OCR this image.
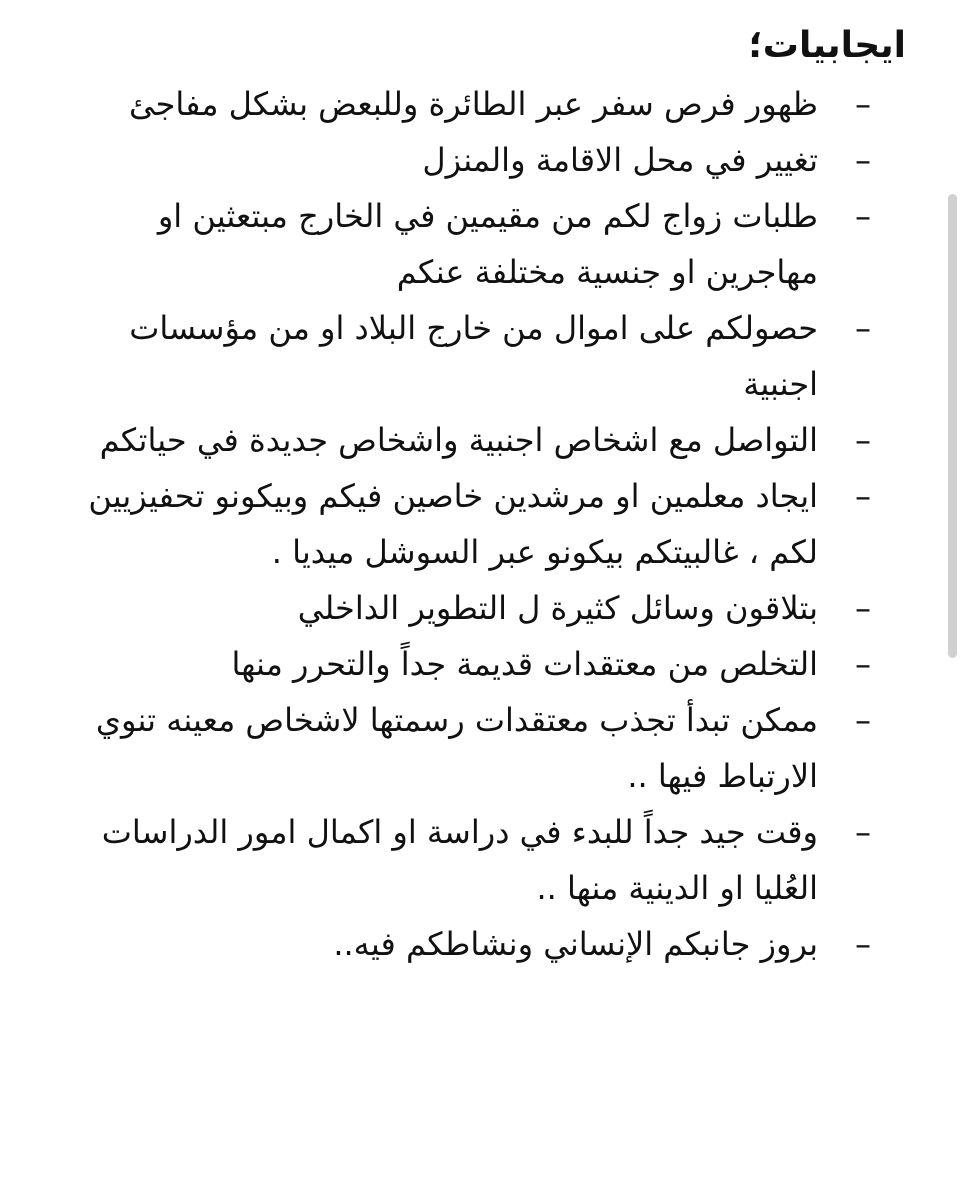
ايجابيات؛
–
ظهور فرص سفر عبر الطائرة وللبعض بشكل مفاجئ
–
تغيير في محل الاقامة والمنزل
–
طلبات زواج لكم من مقيمين في الخارج مبتعثين او مهاجرين او جنسية مختلفة عنكم
–
حصولكم على اموال من خارج البلاد او من مؤسسات اجنبية
–
التواصل مع اشخاص اجنبية واشخاص جديدة في حياتكم
–
ايجاد معلمين او مرشدين خاصين فيكم وبيكونو تحفيزيين لكم ، غالبيتكم بيكونو عبر السوشل ميديا .
–
بتلاقون وسائل كثيرة ل التطوير الداخلي
–
التخلص من معتقدات قديمة جداً والتحرر منها
–
ممكن تبدأ تجذب معتقدات رسمتها لاشخاص معينه تنوي الارتباط فيها ..
–
وقت جيد جداً للبدء في دراسة او اكمال امور الدراسات العُليا او الدينية منها ..
–
بروز جانبكم الإنساني ونشاطكم فيه..
